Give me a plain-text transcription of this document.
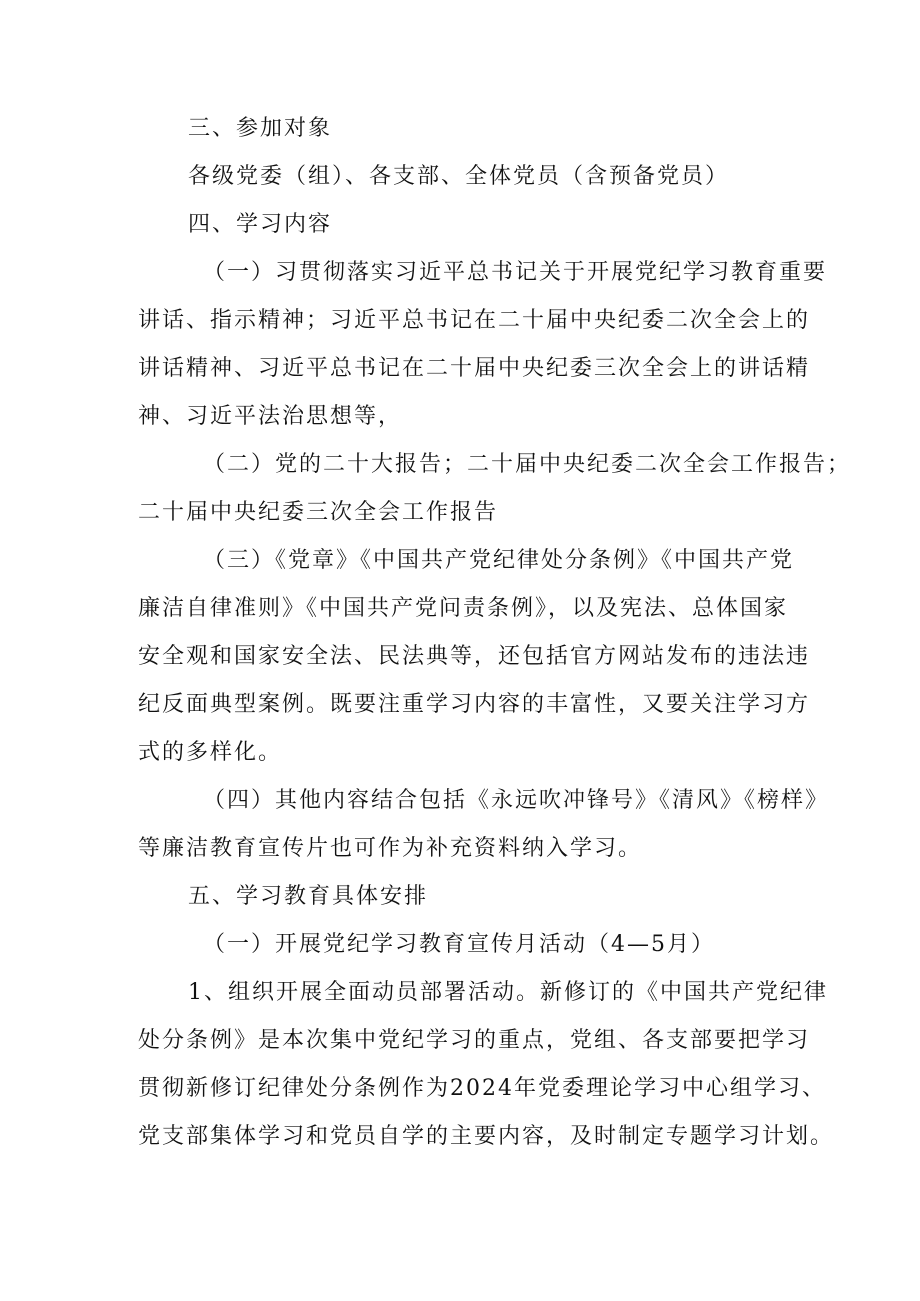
三、参加对象
各级党委（组）、各支部、全体党员（含预备党员）
四、学习内容
（一）习贯彻落实习近平总书记关于开展党纪学习教育重要
讲话、指示精神；习近平总书记在二十届中央纪委二次全会上的
讲话精神、习近平总书记在二十届中央纪委三次全会上的讲话精
神、习近平法治思想等，
（二）党的二十大报告；二十届中央纪委二次全会工作报告；
二十届中央纪委三次全会工作报告
（三）《党章》《中国共产党纪律处分条例》《中国共产党
廉洁自律准则》《中国共产党问责条例》，以及宪法、总体国家
安全观和国家安全法、民法典等，还包括官方网站发布的违法违
纪反面典型案例。既要注重学习内容的丰富性，又要关注学习方
式的多样化。
（四）其他内容结合包括《永远吹冲锋号》《清风》《榜样》
等廉洁教育宣传片也可作为补充资料纳入学习。
五、学习教育具体安排
（一）开展党纪学习教育宣传月活动（4—5月）
1、组织开展全面动员部署活动。新修订的《中国共产党纪律
处分条例》是本次集中党纪学习的重点，党组、各支部要把学习
贯彻新修订纪律处分条例作为2024年党委理论学习中心组学习、
党支部集体学习和党员自学的主要内容，及时制定专题学习计划。
